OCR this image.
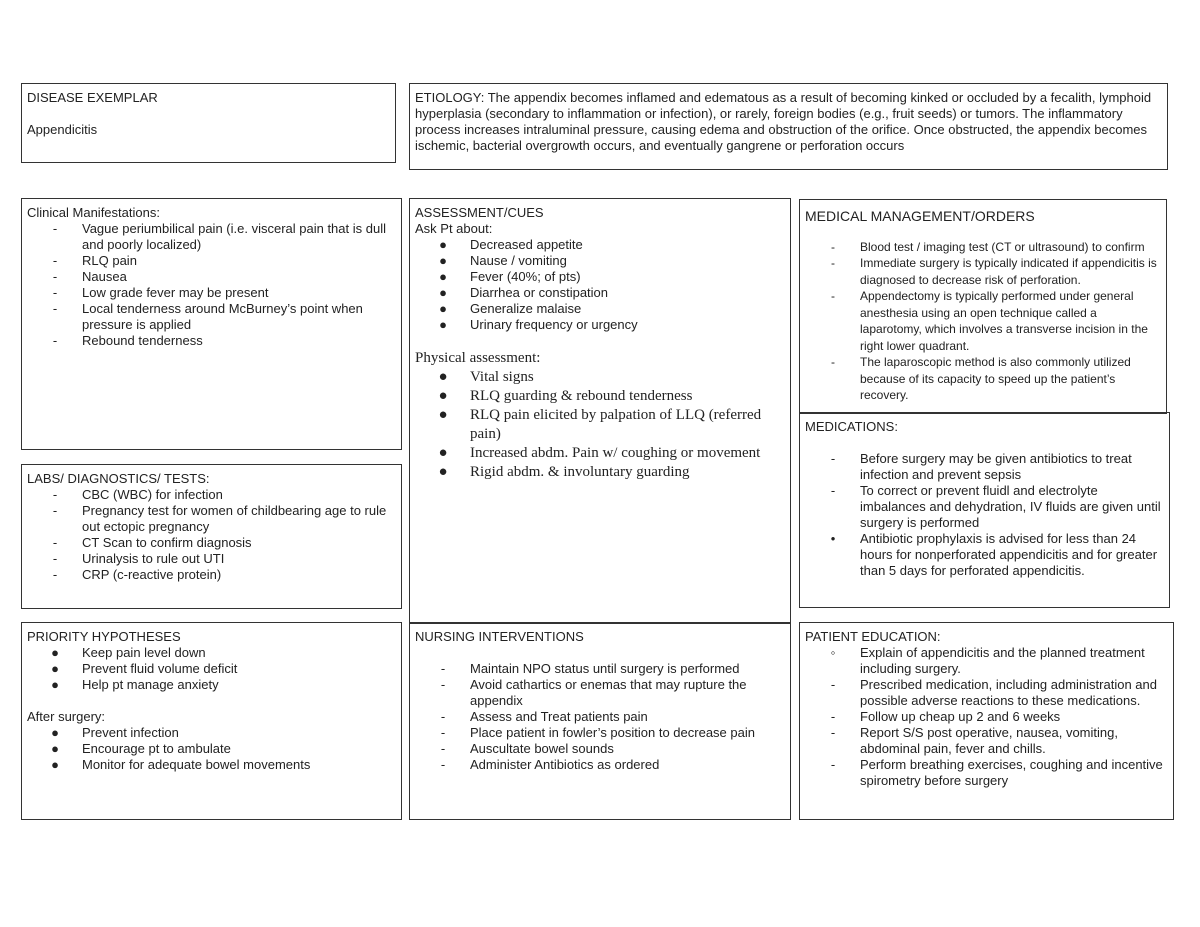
DISEASE EXEMPLAR
Appendicitis
ETIOLOGY: The appendix becomes inflamed and edematous as a result of becoming kinked or occluded by a fecalith, lymphoid hyperplasia (secondary to inflammation or infection), or rarely, foreign bodies (e.g., fruit seeds) or tumors. The inflammatory process increases intraluminal pressure, causing edema and obstruction of the orifice. Once obstructed, the appendix becomes ischemic, bacterial overgrowth occurs, and eventually gangrene or perforation occurs
Clinical Manifestations:
-	Vague periumbilical pain (i.e. visceral pain that is dull and poorly localized)
-	RLQ pain
-	Nausea
-	Low grade fever may be present
-	Local tenderness around McBurney’s point when pressure is applied
-	Rebound tenderness
ASSESSMENT/CUES
Ask Pt about:
●	Decreased appetite
●	Nause / vomiting
●	Fever (40%; of pts)
●	Diarrhea or constipation
●	Generalize malaise
●	Urinary frequency or urgency
Physical assessment:
●	Vital signs
●	RLQ guarding & rebound tenderness
●	RLQ pain elicited by palpation of LLQ (referred pain)
●	Increased abdm. Pain w/ coughing or movement
●	Rigid abdm. & involuntary guarding
MEDICAL MANAGEMENT/ORDERS
-	Blood test / imaging test (CT or ultrasound) to confirm
-	Immediate surgery is typically indicated if appendicitis is diagnosed to decrease risk of perforation.
-	Appendectomy is typically performed under general anesthesia using an open technique called a laparotomy, which involves a transverse incision in the right lower quadrant.
-	The laparoscopic method is also commonly utilized because of its capacity to speed up the patient’s recovery.
MEDICATIONS:
-	Before surgery may be given antibiotics to treat infection and prevent sepsis
-	To correct or prevent fluidl and electrolyte imbalances and dehydration, IV fluids are given until surgery is performed
•	Antibiotic prophylaxis is advised for less than 24 hours for nonperforated appendicitis and for greater than 5 days for perforated appendicitis.
LABS/ DIAGNOSTICS/ TESTS:
-	CBC (WBC) for infection
-	Pregnancy test for women of childbearing age to rule out ectopic pregnancy
-	CT Scan to confirm diagnosis
-	Urinalysis to rule out UTI
-	CRP (c-reactive protein)
PRIORITY HYPOTHESES
●	Keep pain level down
●	Prevent fluid volume deficit
●	Help pt manage anxiety
After surgery:
●	Prevent infection
●	Encourage pt to ambulate
●	Monitor for adequate bowel movements
NURSING INTERVENTIONS
-	Maintain NPO status until surgery is performed
-	Avoid cathartics or enemas that may rupture the appendix
-	Assess and Treat patients pain
-	Place patient in fowler’s position to decrease pain
-	Auscultate bowel sounds
-	Administer Antibiotics as ordered
PATIENT EDUCATION:
◦	Explain of appendicitis and the planned treatment including surgery.
-	Prescribed medication, including administration and possible adverse reactions to these medications.
-	Follow up cheap up 2 and 6 weeks
-	Report S/S post operative, nausea, vomiting, abdominal pain, fever and chills.
-	Perform breathing exercises, coughing and incentive spirometry before surgery
